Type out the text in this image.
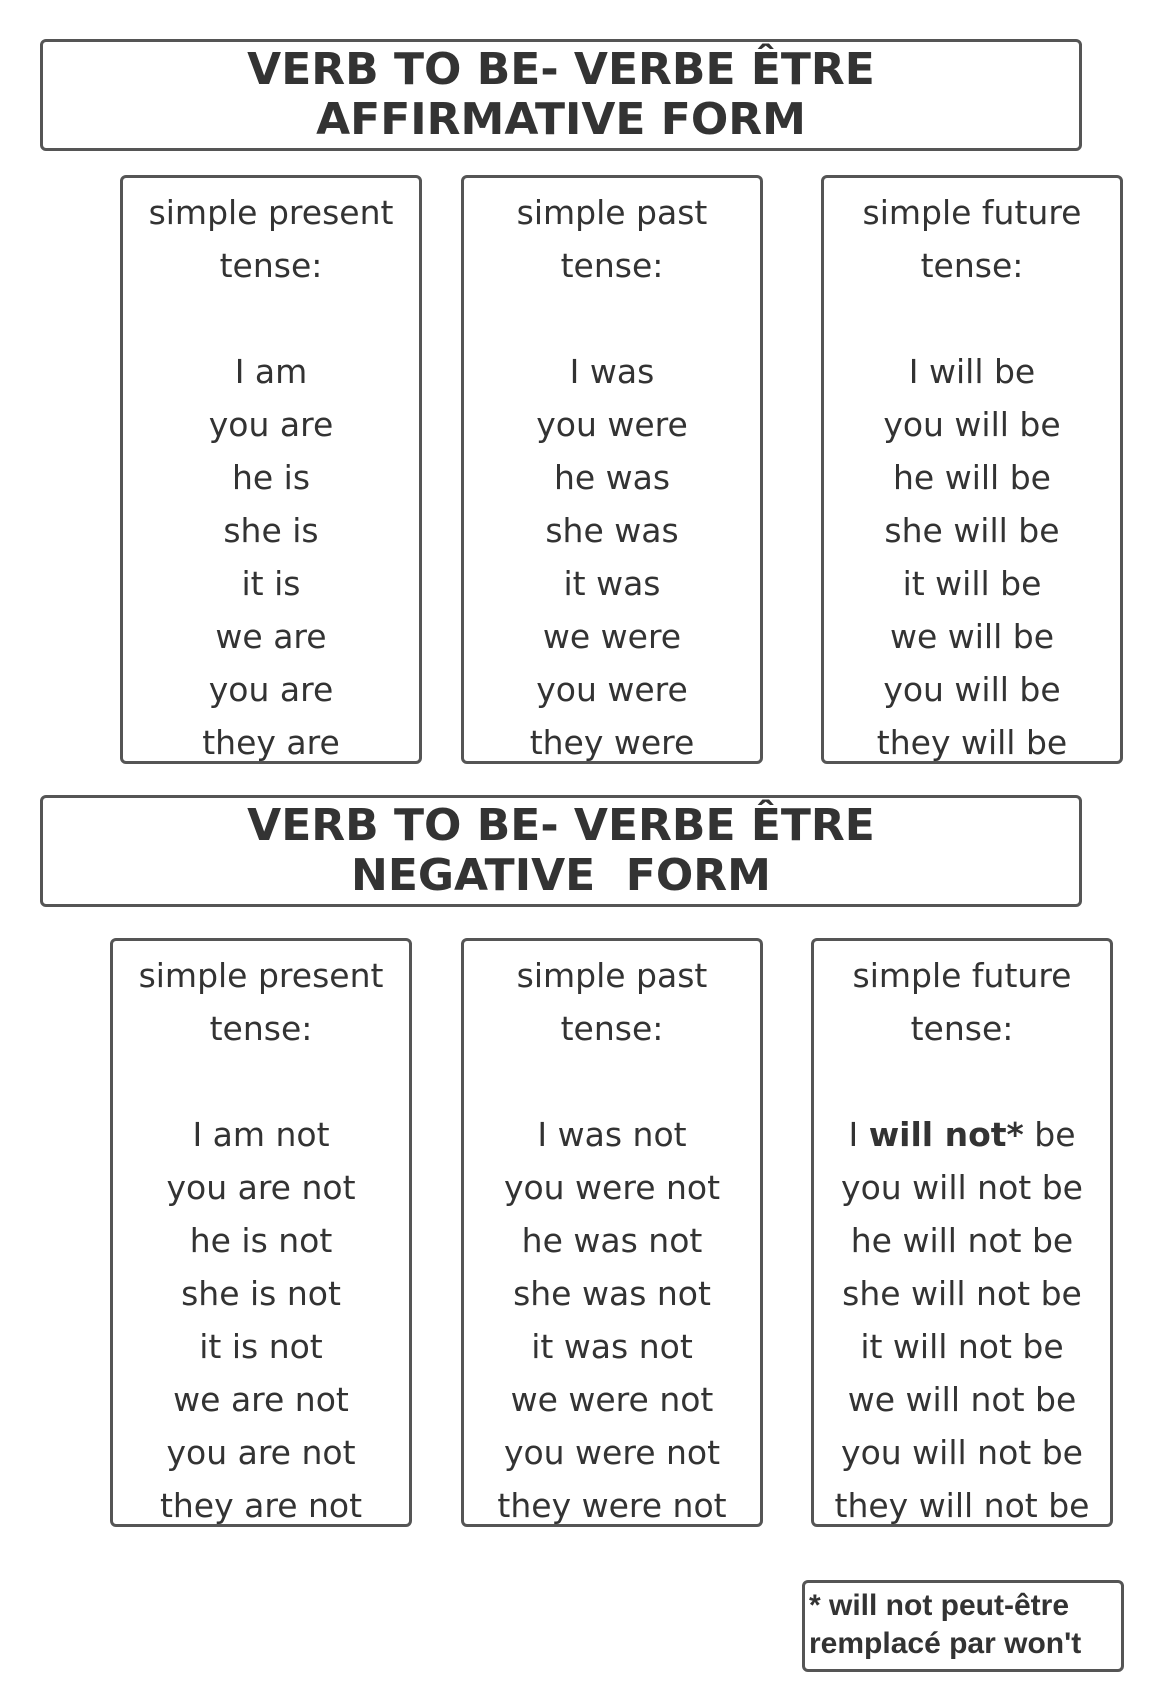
VERB TO BE- VERBE ÊTRE
AFFIRMATIVE FORM
simple present
tense:
I am
you are
he is
she is
it is
we are
you are
they are
simple past
tense:
I was
you were
he was
she was
it was
we were
you were
they were
simple future
tense:
I will be
you will be
he will be
she will be
it will be
we will be
you will be
they will be
VERB TO BE- VERBE ÊTRE
NEGATIVE  FORM
simple present
tense:
I am not
you are not
he is not
she is not
it is not
we are not
you are not
they are not
simple past
tense:
I was not
you were not
he was not
she was not
it was not
we were not
you were not
they were not
simple future
tense:
I will not* be
you will not be
he will not be
she will not be
it will not be
we will not be
you will not be
they will not be
* will not peut-être
remplacé par won't
